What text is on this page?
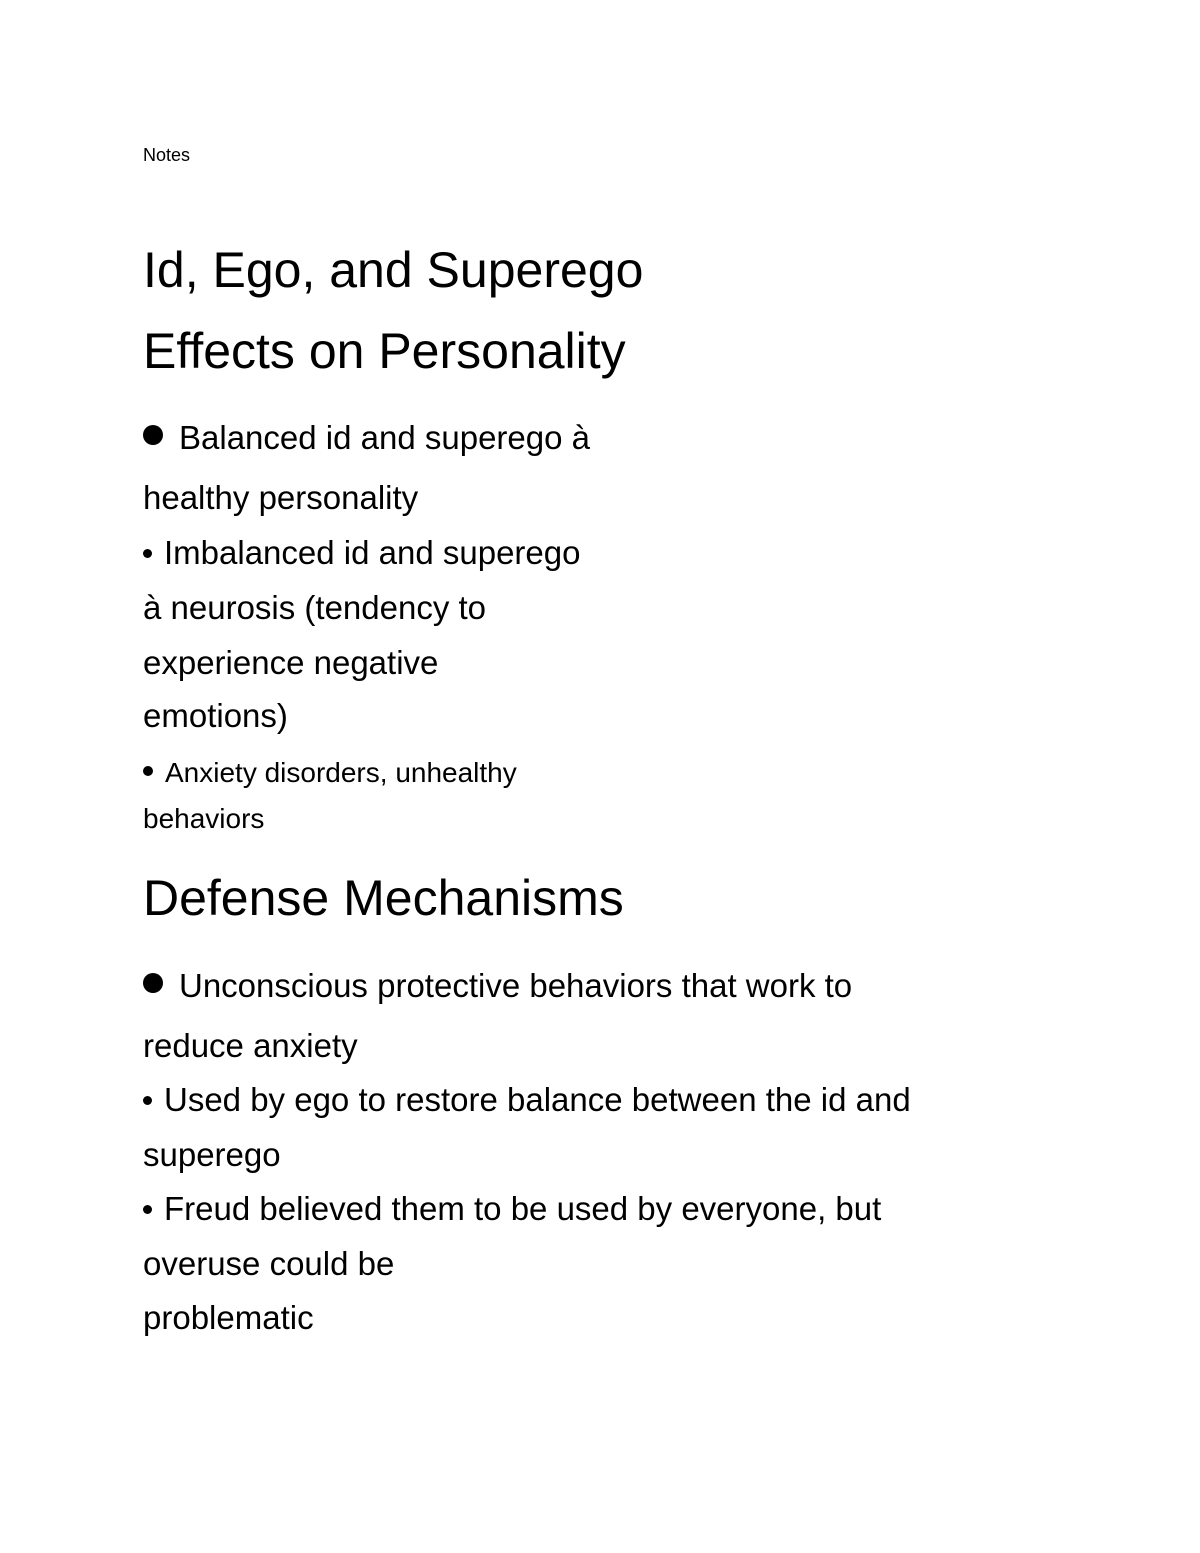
Notes
Id, Ego, and Superego
Effects on Personality
Balanced id and superego à
healthy personality
Imbalanced id and superego
à neurosis (tendency to
experience negative
emotions)
Anxiety disorders, unhealthy
behaviors
Defense Mechanisms
Unconscious protective behaviors that work to
reduce anxiety
Used by ego to restore balance between the id and
superego
Freud believed them to be used by everyone, but
overuse could be
problematic
